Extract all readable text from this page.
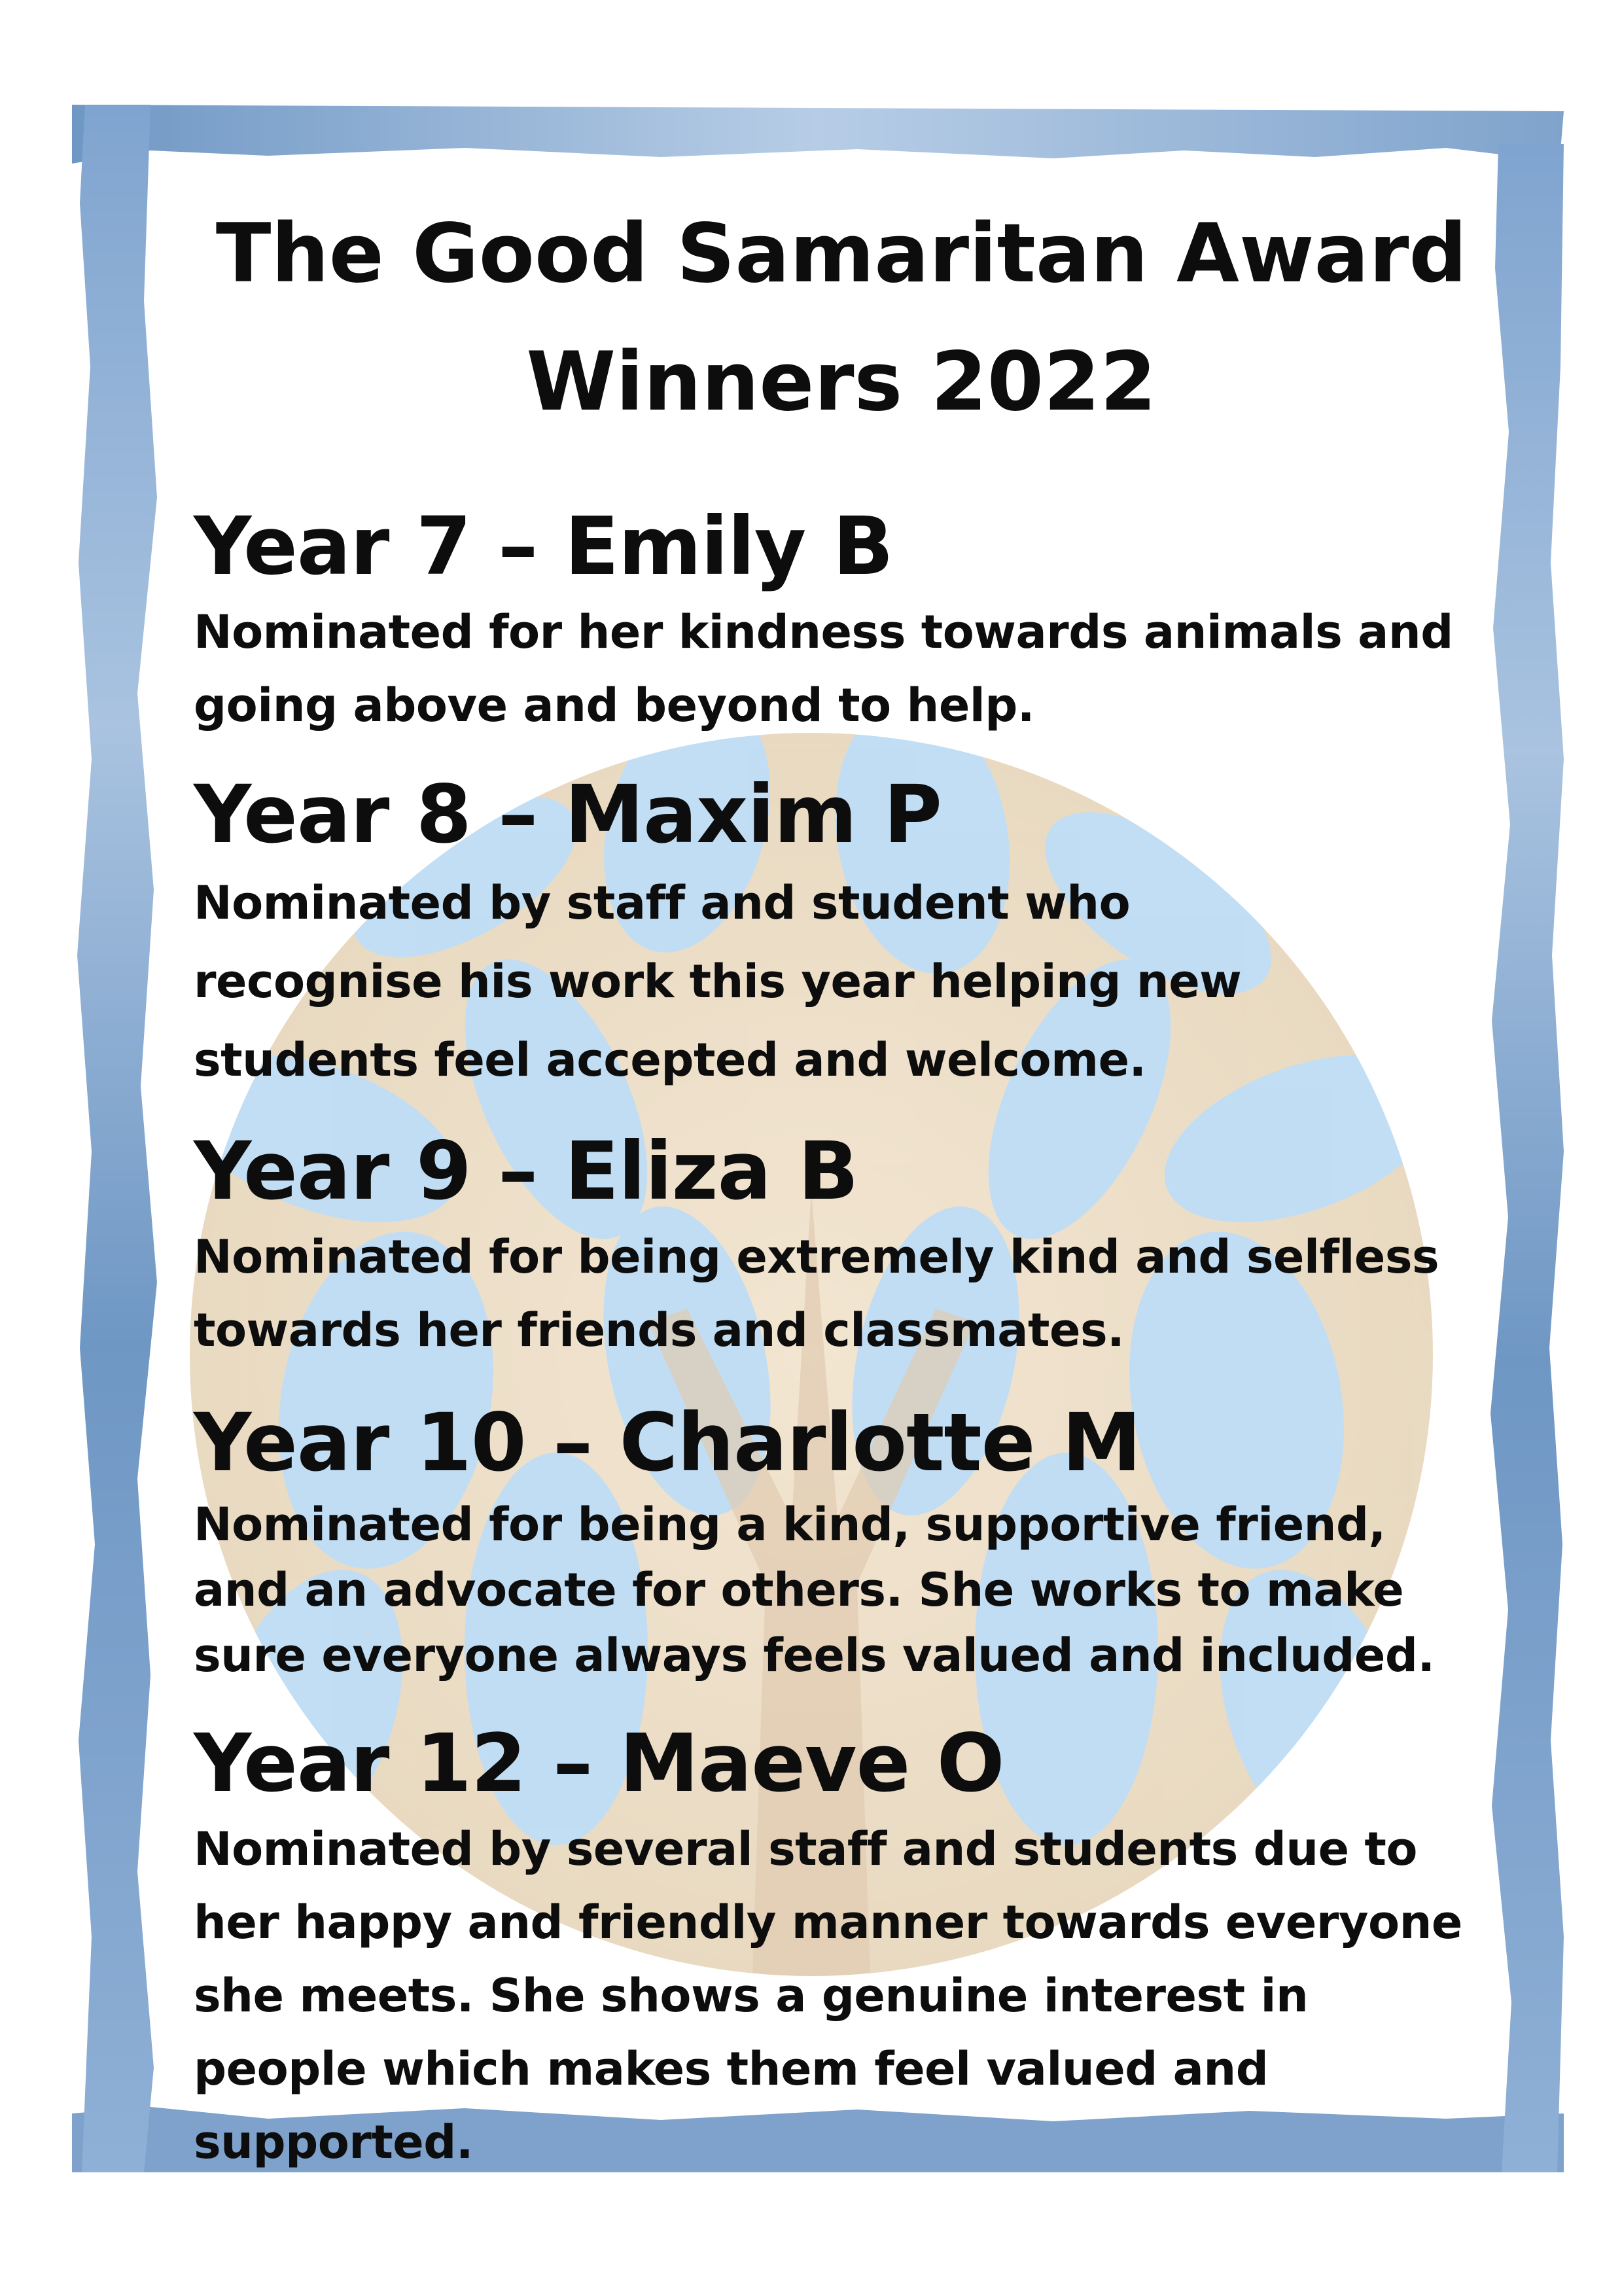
The Good Samaritan Award
Winners 2022
Year 7 – Emily B

Nominated for her kindness towards animals and going above and beyond to help.

Year 8 – Maxim P

Nominated by staff and student who recognise his work this year helping new students feel accepted and welcome.

Year 9 – Eliza B

Nominated for being extremely kind and selfless towards her friends and classmates.

Year 10 – Charlotte M

Nominated for being a kind, supportive friend, and an advocate for others. She works to make sure everyone always feels valued and included.

Year 12 – Maeve O

Nominated by several staff and students due to her happy and friendly manner towards everyone she meets. She shows a genuine interest in people which makes them feel valued and supported.
